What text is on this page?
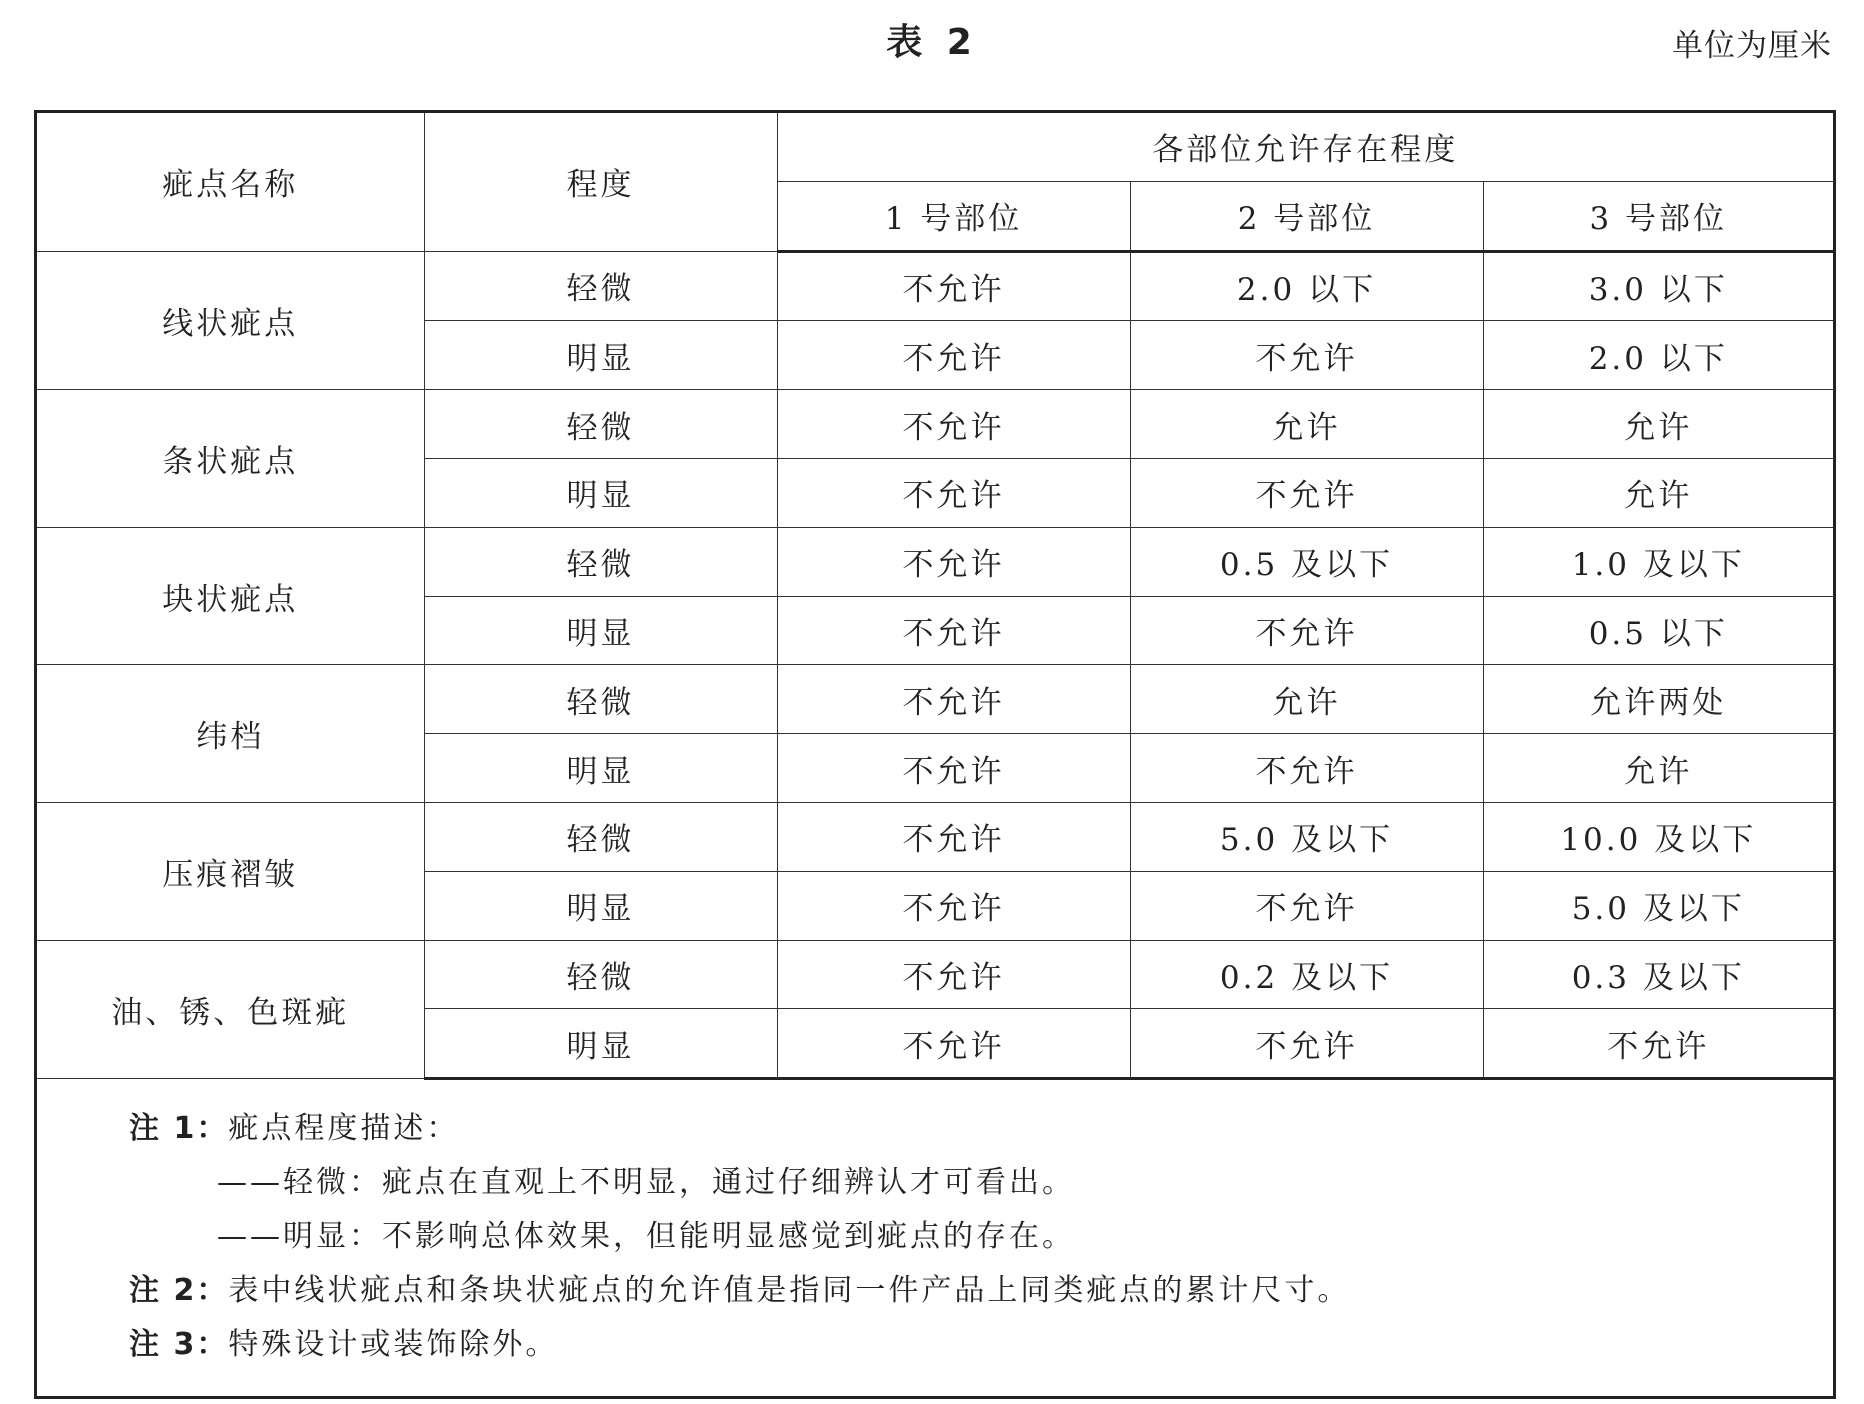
表 2	单位为厘米
疵点名称	程度	各部位允许存在程度		
		1 号部位	2 号部位	3 号部位
线状疵点	轻微	不允许	2.0 以下	3.0 以下
	明显	不允许	不允许	2.0 以下
条状疵点	轻微	不允许	允许	允许
	明显	不允许	不允许	允许
块状疵点	轻微	不允许	0.5 及以下	1.0 及以下
	明显	不允许	不允许	0.5 以下
纬档	轻微	不允许	允许	允许两处
	明显	不允许	不允许	允许
压痕褶皱	轻微	不允许	5.0 及以下	10.0 及以下
	明显	不允许	不允许	5.0 及以下
油、锈、色斑疵	轻微	不允许	0.2 及以下	0.3 及以下
	明显	不允许	不允许	不允许
注 1：疵点程度描述：
——轻微：疵点在直观上不明显，通过仔细辨认才可看出。
——明显：不影响总体效果，但能明显感觉到疵点的存在。
注 2：表中线状疵点和条块状疵点的允许值是指同一件产品上同类疵点的累计尺寸。
注 3：特殊设计或装饰除外。
